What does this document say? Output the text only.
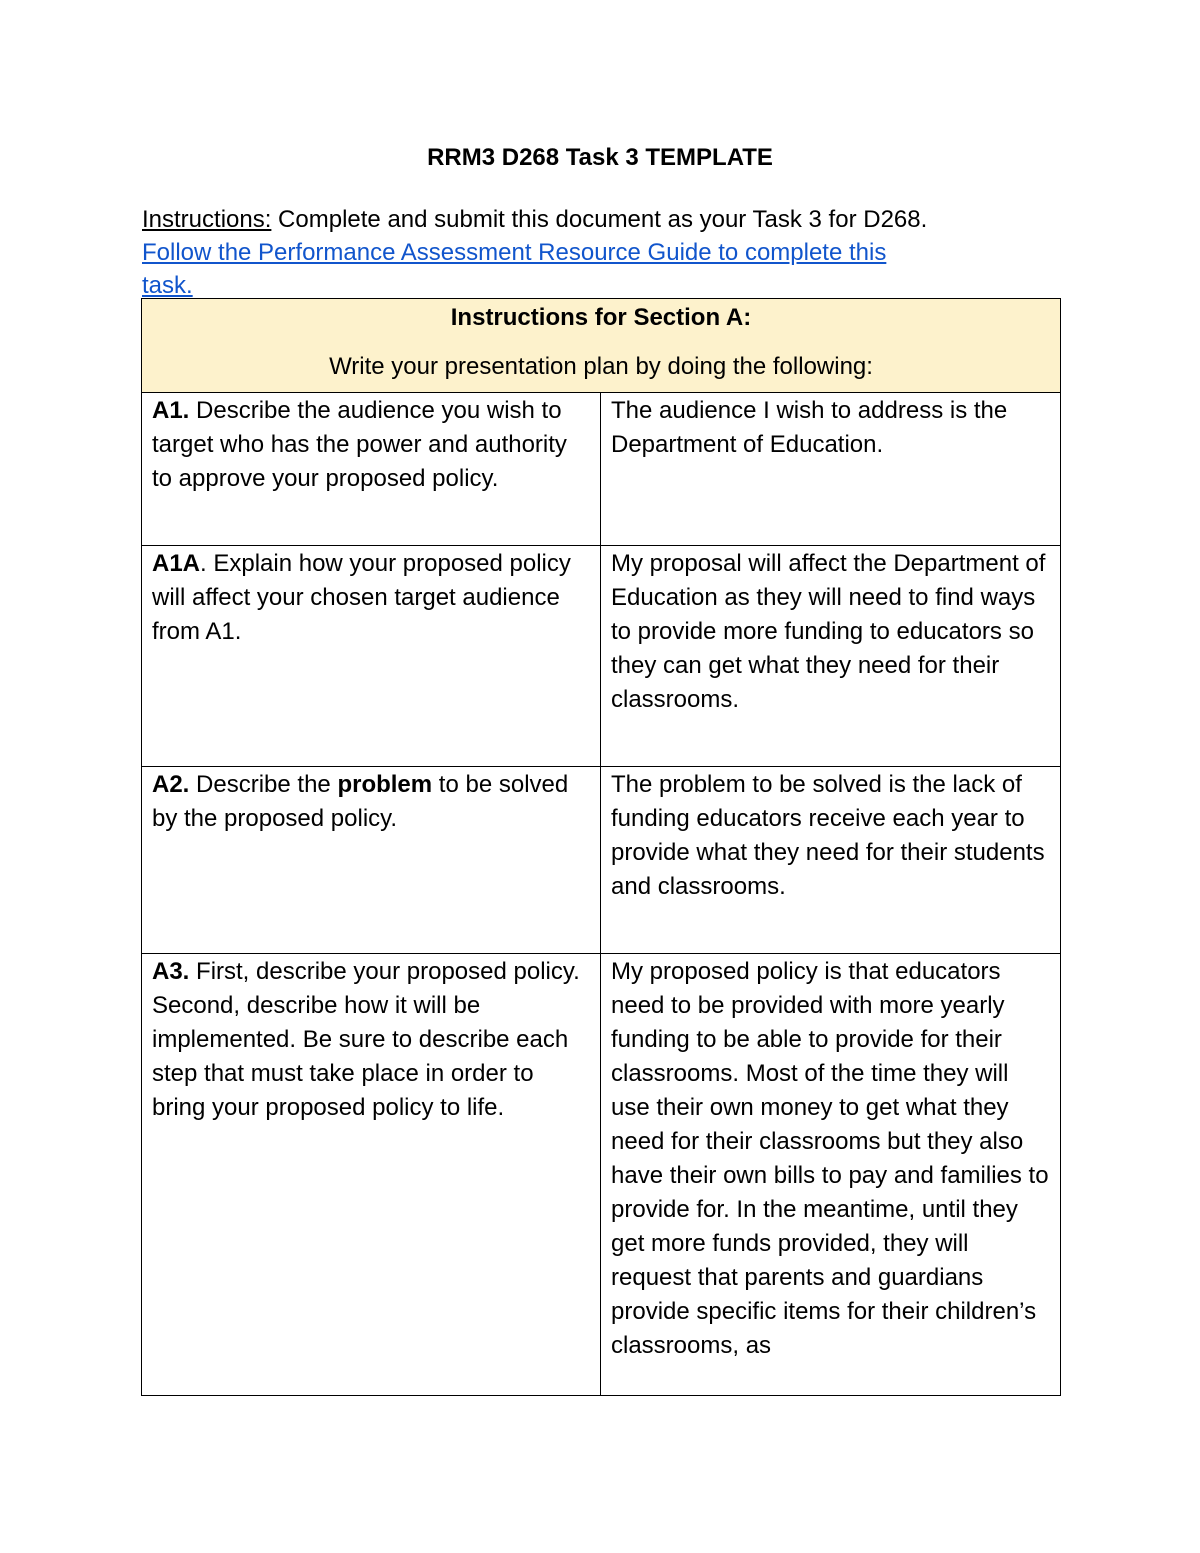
RRM3 D268 Task 3 TEMPLATE
Instructions: Complete and submit this document as your Task 3 for D268.
Follow the Performance Assessment Resource Guide to complete this
task.
Instructions for Section A:
Write your presentation plan by doing the following:	

A1. Describe the audience you wish to target who has the power and authority to approve your proposed policy.	The audience I wish to address is the Department of Education.
A1A. Explain how your proposed policy will affect your chosen target audience from A1.	My proposal will affect the Department of Education as they will need to find ways to provide more funding to educators so they can get what they need for their classrooms.
A2. Describe the problem to be solved by the proposed policy.	The problem to be solved is the lack of funding educators receive each year to provide what they need for their students and classrooms.
A3. First, describe your proposed policy. Second, describe how it will be implemented. Be sure to describe each step that must take place in order to bring your proposed policy to life.	My proposed policy is that educators need to be provided with more yearly funding to be able to provide for their classrooms. Most of the time they will use their own money to get what they need for their classrooms but they also have their own bills to pay and families to provide for. In the meantime, until they get more funds provided, they will request that parents and guardians provide specific items for their children’s classrooms, as
